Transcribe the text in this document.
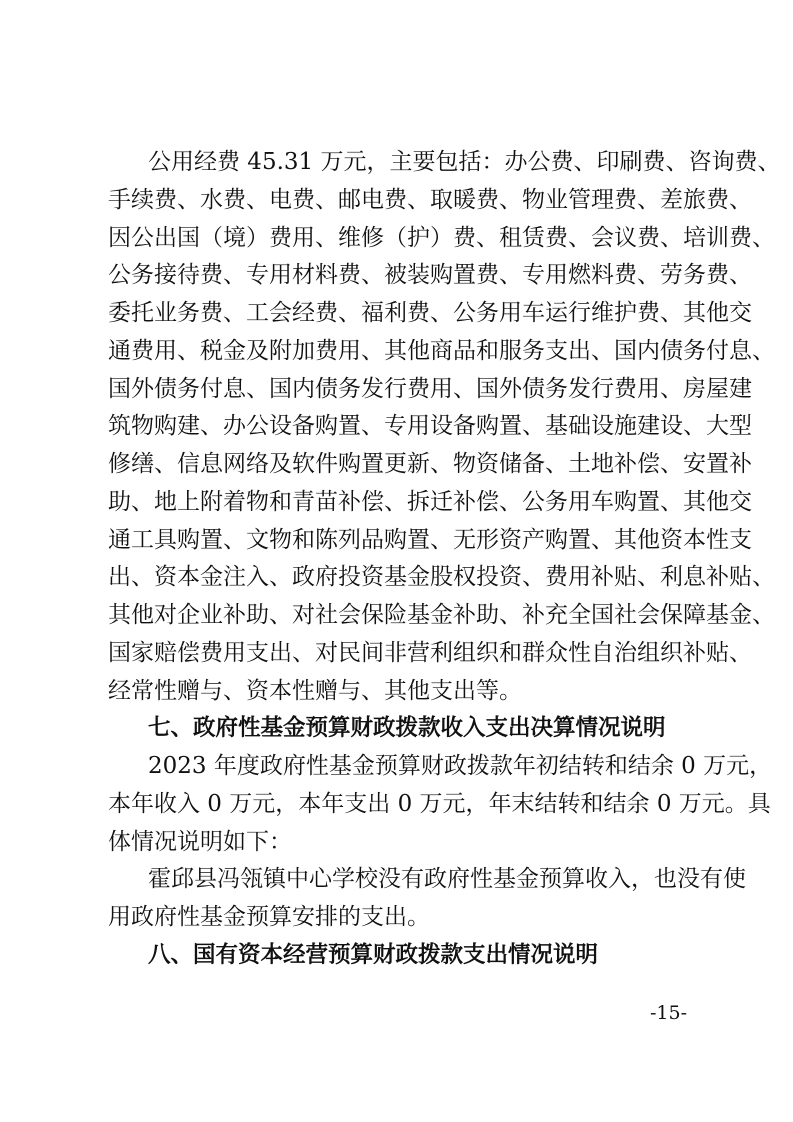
-15-
公用经费 45.31 万元，主要包括：办公费、印刷费、咨询费、
手续费、水费、电费、邮电费、取暖费、物业管理费、差旅费、
因公出国（境）费用、维修（护）费、租赁费、会议费、培训费、
公务接待费、专用材料费、被装购置费、专用燃料费、劳务费、
委托业务费、工会经费、福利费、公务用车运行维护费、其他交
通费用、税金及附加费用、其他商品和服务支出、国内债务付息、
国外债务付息、国内债务发行费用、国外债务发行费用、房屋建
筑物购建、办公设备购置、专用设备购置、基础设施建设、大型
修缮、信息网络及软件购置更新、物资储备、土地补偿、安置补
助、地上附着物和青苗补偿、拆迁补偿、公务用车购置、其他交
通工具购置、文物和陈列品购置、无形资产购置、其他资本性支
出、资本金注入、政府投资基金股权投资、费用补贴、利息补贴、
其他对企业补助、对社会保险基金补助、补充全国社会保障基金、
国家赔偿费用支出、对民间非营利组织和群众性自治组织补贴、
经常性赠与、资本性赠与、其他支出等。
七、政府性基金预算财政拨款收入支出决算情况说明
2023 年度政府性基金预算财政拨款年初结转和结余 0 万元，
本年收入 0 万元，本年支出 0 万元，年末结转和结余 0 万元。具
体情况说明如下：
霍邱县冯瓴镇中心学校没有政府性基金预算收入，也没有使
用政府性基金预算安排的支出。
八、国有资本经营预算财政拨款支出情况说明
